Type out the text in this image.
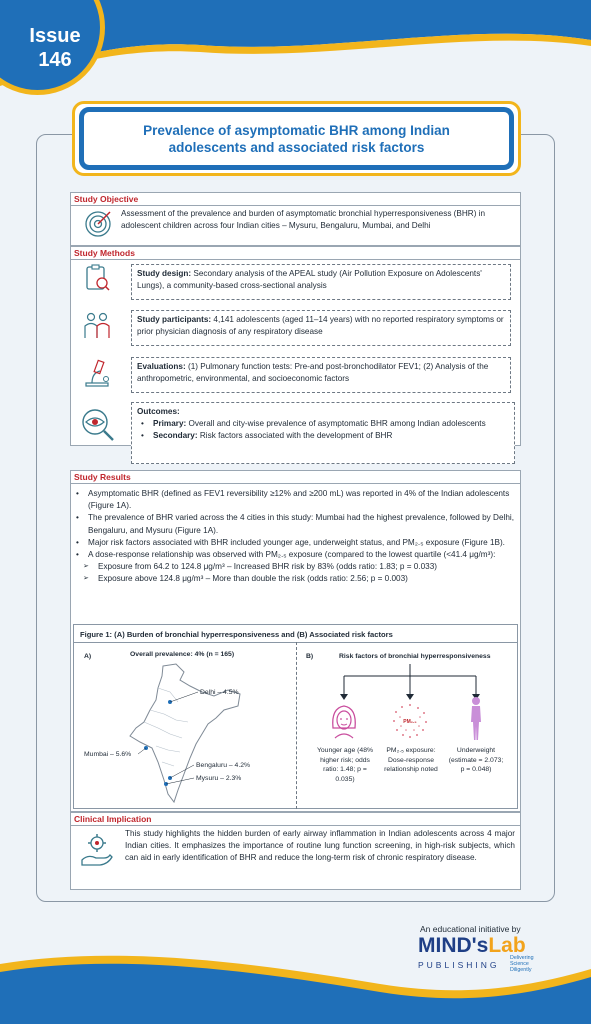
Issue
146
Prevalence of asymptomatic BHR among Indian adolescents and associated risk factors
Study Objective
Assessment of the prevalence and burden of asymptomatic bronchial hyperresponsiveness (BHR) in adolescent children across four Indian cities – Mysuru, Bengaluru, Mumbai, and Delhi
Study Methods
Study design: Secondary analysis of the APEAL study (Air Pollution Exposure on Adolescents' Lungs), a community-based cross-sectional analysis
Study participants: 4,141 adolescents (aged 11–14 years) with no reported respiratory symptoms or prior physician diagnosis of any respiratory disease
Evaluations: (1) Pulmonary function tests: Pre-and post-bronchodilator FEV1; (2) Analysis of the anthropometric, environmental, and socioeconomic factors
Outcomes:
• Primary: Overall and city-wise prevalence of asymptomatic BHR among Indian adolescents
• Secondary: Risk factors associated with the development of BHR
Study Results
• Asymptomatic BHR (defined as FEV1 reversibility ≥12% and ≥200 mL) was reported in 4% of the Indian adolescents (Figure 1A).
• The prevalence of BHR varied across the 4 cities in this study: Mumbai had the highest prevalence, followed by Delhi, Bengaluru, and Mysuru (Figure 1A).
• Major risk factors associated with BHR included younger age, underweight status, and PM₂.₅ exposure (Figure 1B).
• A dose-response relationship was observed with PM₂.₅ exposure (compared to the lowest quartile (<41.4 μg/m³):
➢ Exposure from 64.2 to 124.8 μg/m³ – Increased BHR risk by 83% (odds ratio: 1.83; p = 0.033)
➢ Exposure above 124.8 μg/m³ – More than double the risk (odds ratio: 2.56; p = 0.003)
Figure 1: (A) Burden of bronchial hyperresponsiveness and (B) Associated risk factors
A)	Overall prevalence: 4% (n = 165)
Delhi – 4.5%
Mumbai – 5.6%
Bengaluru – 4.2%
Mysuru – 2.3%
B)	Risk factors of bronchial hyperresponsiveness
Younger age (48% higher risk; odds ratio: 1.48; p = 0.035)
PM₂.₅
PM₂.₅ exposure: Dose-response relationship noted
Underweight (estimate = 2.073; p = 0.048)
Clinical Implication
This study highlights the hidden burden of early airway inflammation in Indian adolescents across 4 major Indian cities. It emphasizes the importance of routine lung function screening, in high-risk subjects, which can aid in early identification of BHR and reduce the long-term risk of chronic respiratory disease.
An educational initiative by
MIND'sLab
PUBLISHING
Delivering
Science
Diligently
